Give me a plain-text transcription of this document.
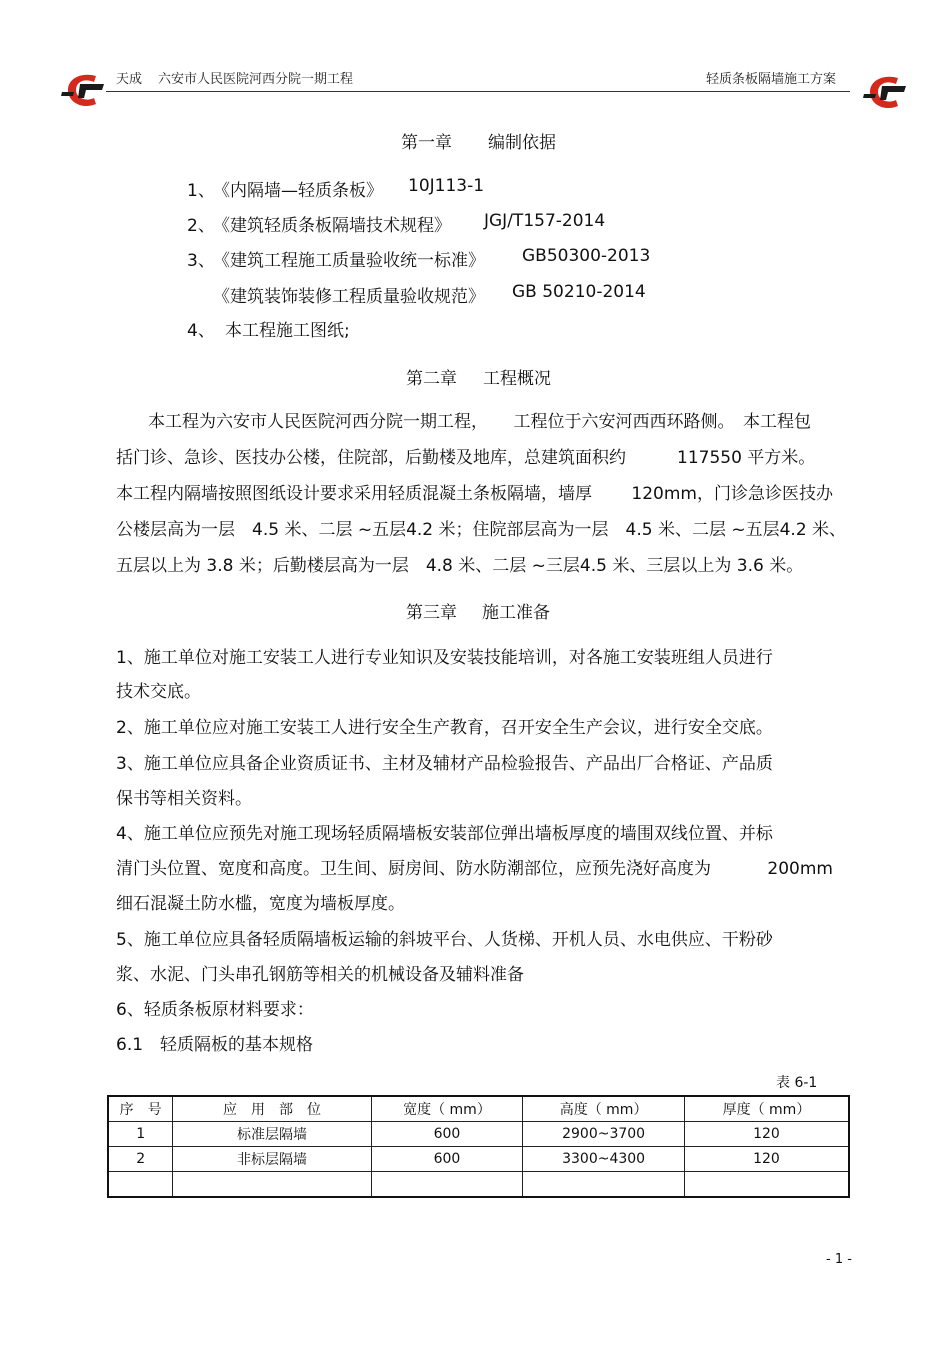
天成 六安市人民医院河西分院一期工程	轻质条板隔墙施工方案
第一章 编制依据
1、
《内隔墙—轻质条板》 10J113-1
2、
《建筑轻质条板隔墙技术规程》 JGJ/T157-2014
3、
《建筑工程施工质量验收统一标准》 GB50300-2013
《建筑装饰装修工程质量验收规范》 GB 50210-2014
4、 本工程施工图纸;
第二章 工程概况
本工程为六安市人民医院河西分院一期工程，　　工程位于六安河西西环路侧。　本工程包
括门诊、急诊、医技办公楼，住院部，后勤楼及地库，总建筑面积约　　　117550 平方米。
本工程内隔墙按照图纸设计要求采用轻质混凝土条板隔墙，墙厚　　 120mm，门诊急诊医技办
公楼层高为一层　4.5 米、二层 ~五层4.2 米；住院部层高为一层　4.5 米、二层 ~五层4.2 米、
五层以上为 3.8 米；后勤楼层高为一层　4.8 米、二层 ~三层4.5 米、三层以上为 3.6 米。
第三章 施工准备
1、施工单位对施工安装工人进行专业知识及安装技能培训，对各施工安装班组人员进行
技术交底。
2、施工单位应对施工安装工人进行安全生产教育，召开安全生产会议，进行安全交底。
3、施工单位应具备企业资质证书、主材及辅材产品检验报告、产品出厂合格证、产品质
保书等相关资料。
4、施工单位应预先对施工现场轻质隔墙板安装部位弹出墙板厚度的墙围双线位置、并标
清门头位置、宽度和高度。卫生间、厨房间、防水防潮部位，应预先浇好高度为　　　 200mm
细石混凝土防水槛，宽度为墙板厚度。
5、施工单位应具备轻质隔墙板运输的斜坡平台、人货梯、开机人员、水电供应、干粉砂
浆、水泥、门头串孔钢筋等相关的机械设备及辅料准备
6、轻质条板原材料要求：
6.1　轻质隔板的基本规格
表 6-1
序　号	应　用　部　位	宽度（ mm）	高度（ mm）	厚度（ mm）
1	标准层隔墙	600	2900~3700	120
2	非标层隔墙	600	3300~4300	120

- 1 -
